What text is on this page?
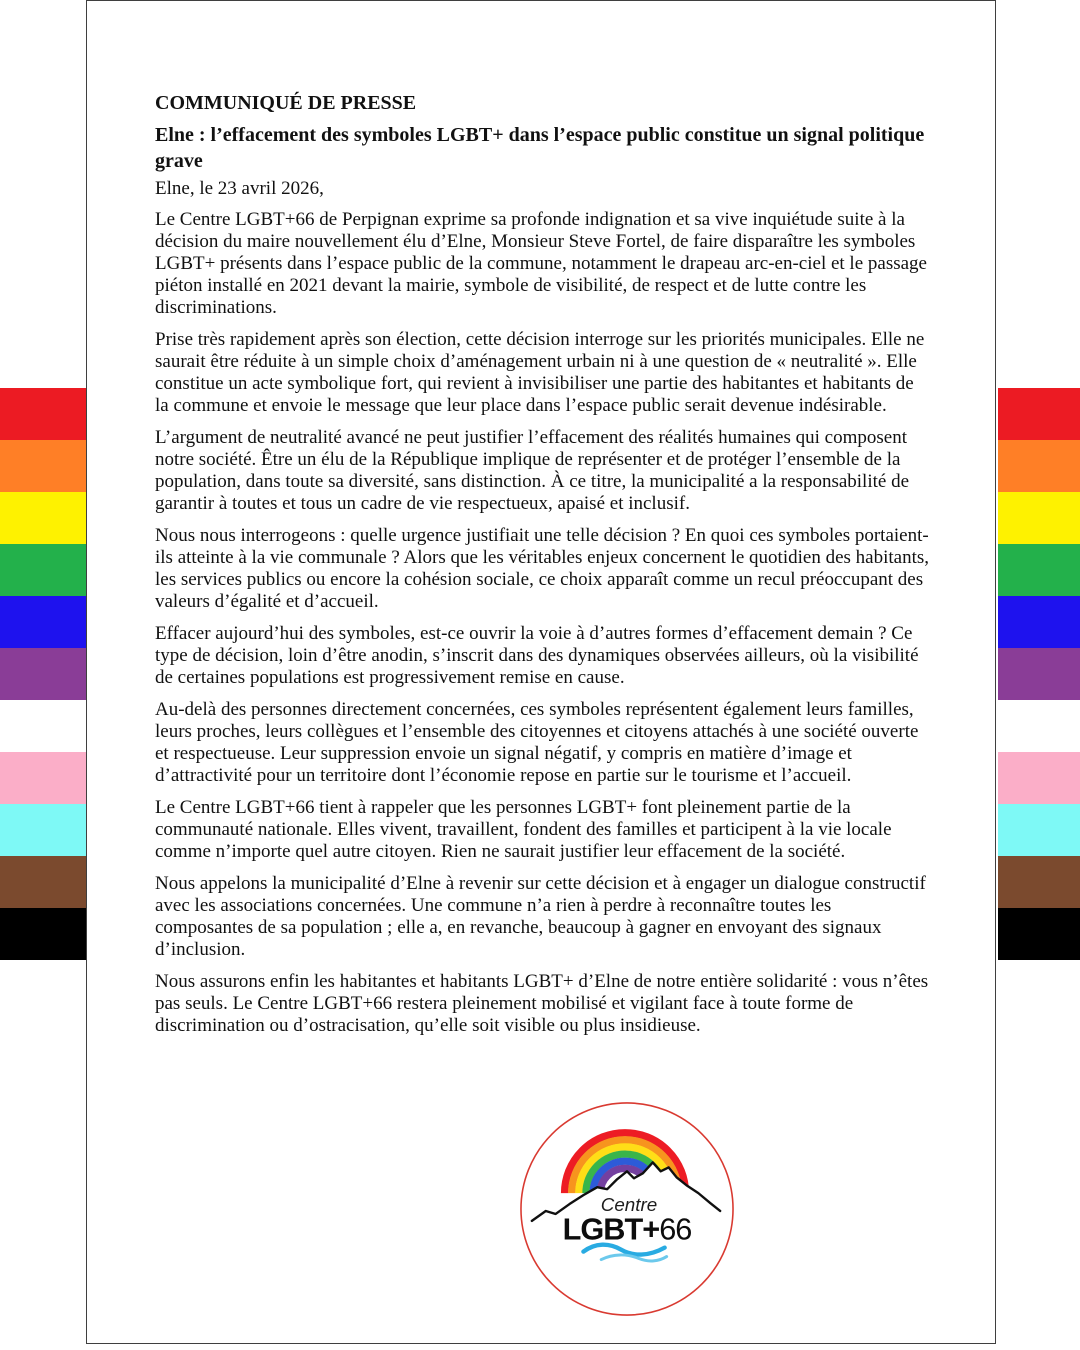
COMMUNIQUÉ DE PRESSE

Elne : l’effacement des symboles LGBT+ dans l’espace public constitue un signal politique grave

Elne, le 23 avril 2026,

Le Centre LGBT+66 de Perpignan exprime sa profonde indignation et sa vive inquiétude suite à la décision du maire nouvellement élu d’Elne, Monsieur Steve Fortel, de faire disparaître les symboles LGBT+ présents dans l’espace public de la commune, notamment le drapeau arc-en-ciel et le passage piéton installé en 2021 devant la mairie, symbole de visibilité, de respect et de lutte contre les discriminations.

Prise très rapidement après son élection, cette décision interroge sur les priorités municipales. Elle ne saurait être réduite à un simple choix d’aménagement urbain ni à une question de « neutralité ». Elle constitue un acte symbolique fort, qui revient à invisibiliser une partie des habitantes et habitants de la commune et envoie le message que leur place dans l’espace public serait devenue indésirable.

L’argument de neutralité avancé ne peut justifier l’effacement des réalités humaines qui composent notre société. Être un élu de la République implique de représenter et de protéger l’ensemble de la population, dans toute sa diversité, sans distinction. À ce titre, la municipalité a la responsabilité de garantir à toutes et tous un cadre de vie respectueux, apaisé et inclusif.

Nous nous interrogeons : quelle urgence justifiait une telle décision ? En quoi ces symboles portaient-ils atteinte à la vie communale ? Alors que les véritables enjeux concernent le quotidien des habitants, les services publics ou encore la cohésion sociale, ce choix apparaît comme un recul préoccupant des valeurs d’égalité et d’accueil.

Effacer aujourd’hui des symboles, est-ce ouvrir la voie à d’autres formes d’effacement demain ? Ce type de décision, loin d’être anodin, s’inscrit dans des dynamiques observées ailleurs, où la visibilité de certaines populations est progressivement remise en cause.

Au-delà des personnes directement concernées, ces symboles représentent également leurs familles, leurs proches, leurs collègues et l’ensemble des citoyennes et citoyens attachés à une société ouverte et respectueuse. Leur suppression envoie un signal négatif, y compris en matière d’image et d’attractivité pour un territoire dont l’économie repose en partie sur le tourisme et l’accueil.

Le Centre LGBT+66 tient à rappeler que les personnes LGBT+ font pleinement partie de la communauté nationale. Elles vivent, travaillent, fondent des familles et participent à la vie locale comme n’importe quel autre citoyen. Rien ne saurait justifier leur effacement de la société.

Nous appelons la municipalité d’Elne à revenir sur cette décision et à engager un dialogue constructif avec les associations concernées. Une commune n’a rien à perdre à reconnaître toutes les composantes de sa population ; elle a, en revanche, beaucoup à gagner en envoyant des signaux d’inclusion.

Nous assurons enfin les habitantes et habitants LGBT+ d’Elne de notre entière solidarité : vous n’êtes pas seuls. Le Centre LGBT+66 restera pleinement mobilisé et vigilant face à toute forme de discrimination ou d’ostracisation, qu’elle soit visible ou plus insidieuse.

Centre
LGBT+66
